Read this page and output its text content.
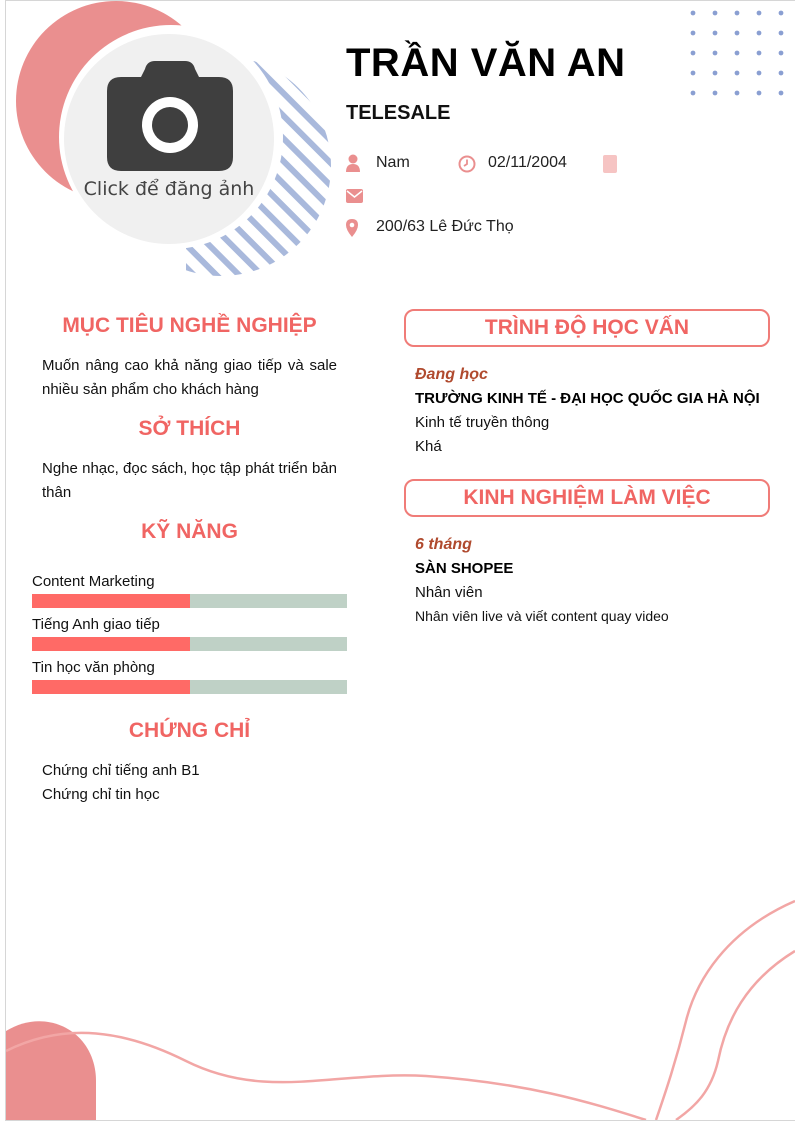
Click để đăng ảnh
TRẦN VĂN AN
TELESALE
Nam	02/11/2004
200/63 Lê Đức Thọ
MỤC TIÊU NGHỀ NGHIỆP
Muốn nâng cao khả năng giao tiếp và sale nhiều sản phẩm cho khách hàng
SỞ THÍCH
Nghe nhạc, đọc sách, học tập phát triển bản thân
KỸ NĂNG
Content Marketing
Tiếng Anh giao tiếp
Tin học văn phòng
CHỨNG CHỈ
Chứng chỉ tiếng anh B1
Chứng chỉ tin học
TRÌNH ĐỘ HỌC VẤN
Đang học
TRƯỜNG KINH TẾ - ĐẠI HỌC QUỐC GIA HÀ NỘI
Kinh tế truyền thông
Khá
KINH NGHIỆM LÀM VIỆC
6 tháng
SÀN SHOPEE
Nhân viên
Nhân viên live và viết content quay video
